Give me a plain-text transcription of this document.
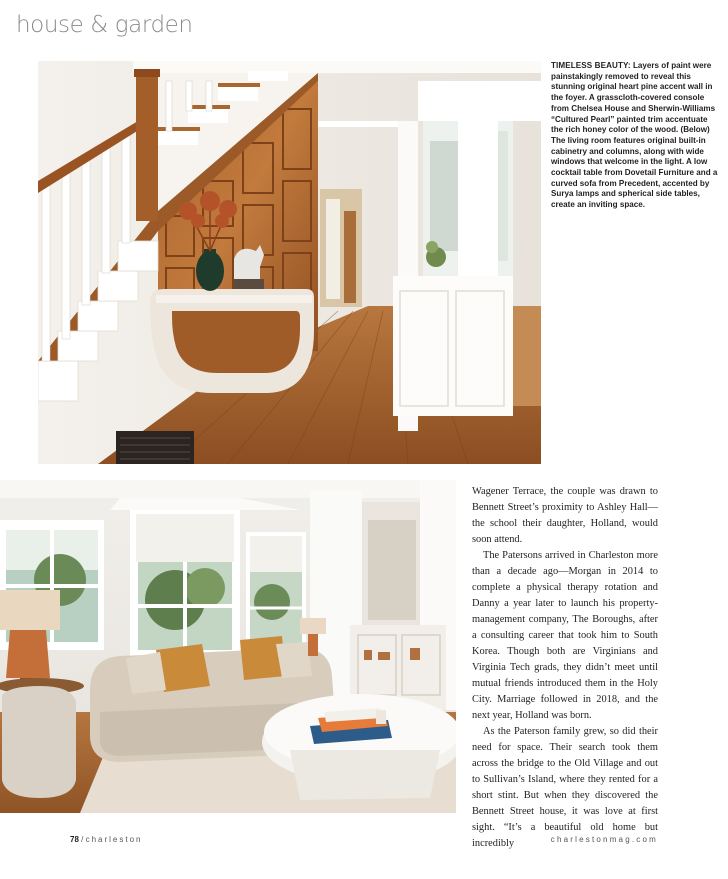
house & garden
TIMELESS BEAUTY: Layers of paint were painstakingly removed to reveal this stunning original heart pine accent wall in the foyer. A grasscloth-covered console from Chelsea House and Sherwin-Williams “Cultured Pearl” painted trim accentuate the rich honey color of the wood. (Below) The living room features original built-in cabinetry and columns, along with wide windows that welcome in the light. A low cocktail table from Dovetail Furniture and a curved sofa from Precedent, accented by Surya lamps and spherical side tables, create an inviting space.

Wagener Terrace, the couple was drawn to Bennett Street’s proximity to Ashley Hall—the school their daughter, Holland, would soon attend.

The Patersons arrived in Charleston more than a decade ago—Morgan in 2014 to complete a physical therapy rotation and Danny a year later to launch his property-management company, The Boroughs, after a consulting career that took him to South Korea. Though both are Virginians and Virginia Tech grads, they didn’t meet until mutual friends introduced them in the Holy City. Marriage followed in 2018, and the next year, Holland was born.

As the Paterson family grew, so did their need for space. Their search took them across the bridge to the Old Village and out to Sullivan’s Island, where they rented for a short stint. But when they discovered the Bennett Street house, it was love at first sight. “It’s a beautiful old home but incredibly

78 / charleston	charlestonmag.com
